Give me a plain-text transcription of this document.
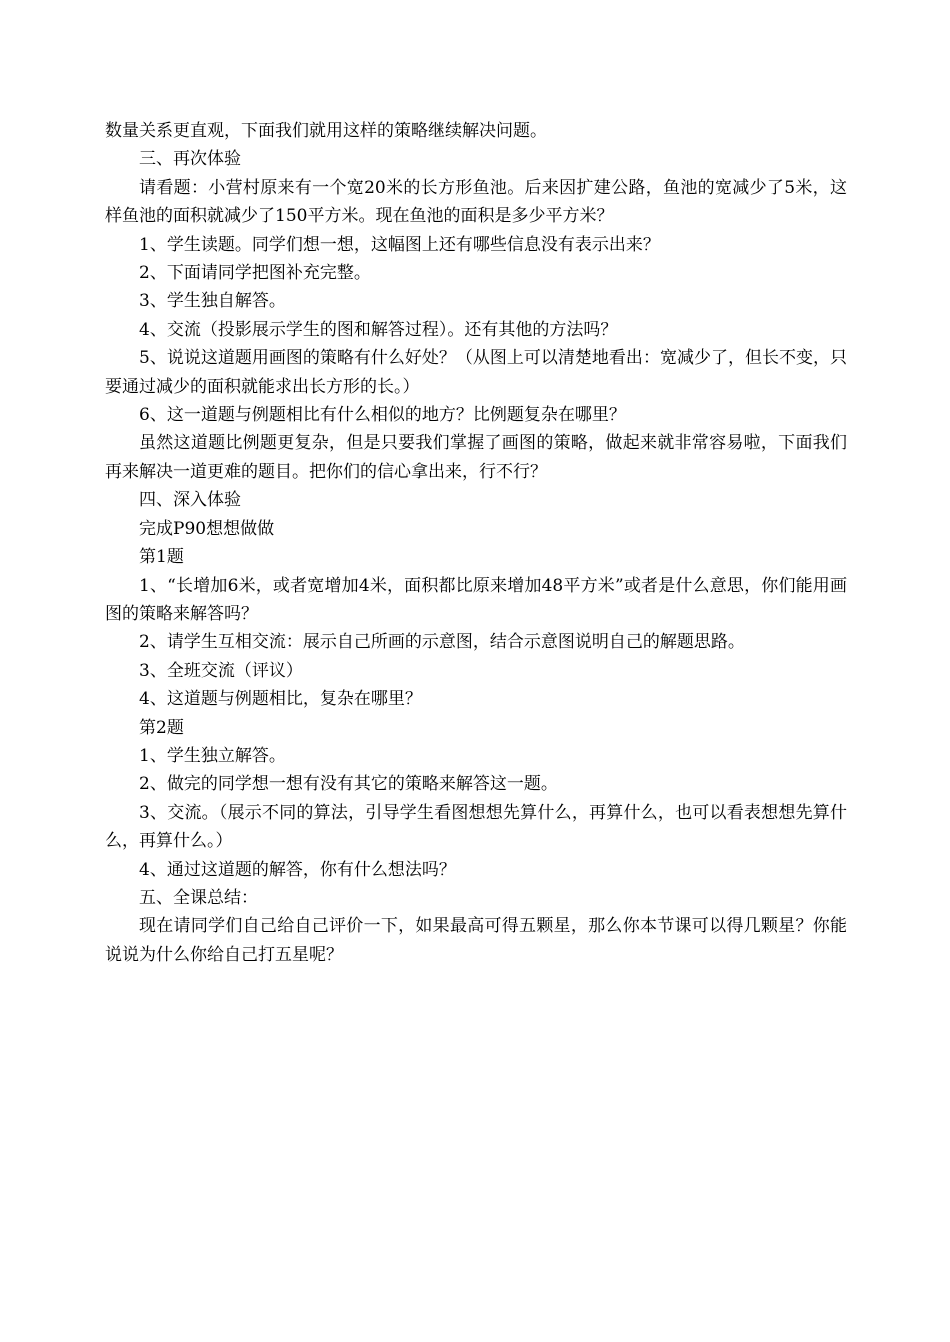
数量关系更直观，下面我们就用这样的策略继续解决问题。

三、再次体验

请看题：小营村原来有一个宽20米的长方形鱼池。后来因扩建公路，鱼池的宽减少了5米，这样鱼池的面积就减少了150平方米。现在鱼池的面积是多少平方米？

1、学生读题。同学们想一想，这幅图上还有哪些信息没有表示出来？

2、下面请同学把图补充完整。

3、学生独自解答。

4、交流（投影展示学生的图和解答过程）。还有其他的方法吗？

5、说说这道题用画图的策略有什么好处？（从图上可以清楚地看出：宽减少了，但长不变，只要通过减少的面积就能求出长方形的长。）

6、这一道题与例题相比有什么相似的地方？比例题复杂在哪里？

虽然这道题比例题更复杂，但是只要我们掌握了画图的策略，做起来就非常容易啦，下面我们再来解决一道更难的题目。把你们的信心拿出来，行不行？

四、深入体验

完成P90想想做做

第1题

1、“长增加6米，或者宽增加4米，面积都比原来增加48平方米”或者是什么意思，你们能用画图的策略来解答吗？

2、请学生互相交流：展示自己所画的示意图，结合示意图说明自己的解题思路。

3、全班交流（评议）

4、这道题与例题相比，复杂在哪里？

第2题

1、学生独立解答。

2、做完的同学想一想有没有其它的策略来解答这一题。

3、交流。（展示不同的算法，引导学生看图想想先算什么，再算什么，也可以看表想想先算什么，再算什么。）

4、通过这道题的解答，你有什么想法吗？

五、全课总结：

现在请同学们自己给自己评价一下，如果最高可得五颗星，那么你本节课可以得几颗星？你能说说为什么你给自己打五星呢？
